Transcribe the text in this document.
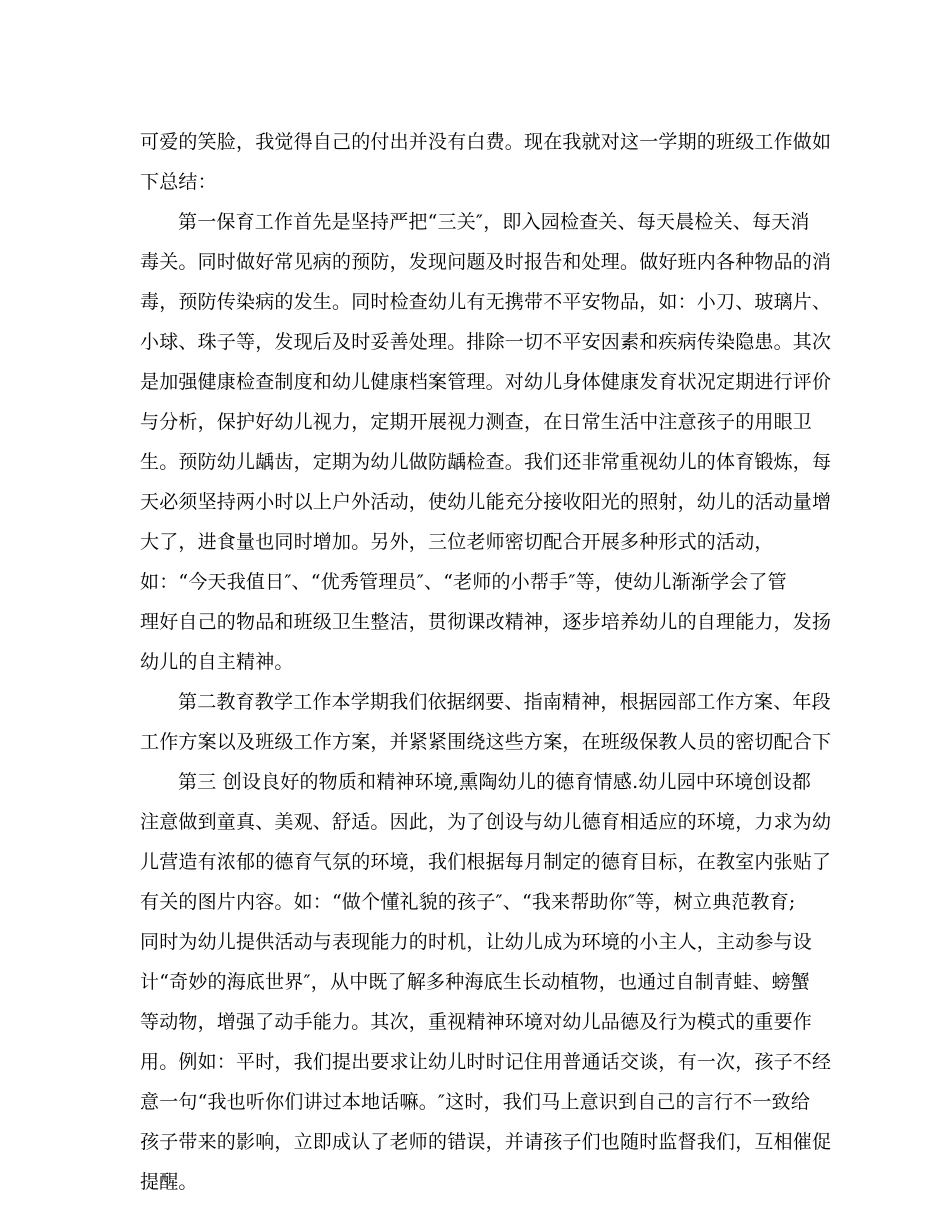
可爱的笑脸，我觉得自己的付出并没有白费。现在我就对这一学期的班级工作做如
下总结：
第一保育工作首先是坚持严把“三关″，即入园检查关、每天晨检关、每天消
毒关。同时做好常见病的预防，发现问题及时报告和处理。做好班内各种物品的消
毒，预防传染病的发生。同时检查幼儿有无携带不平安物品，如：小刀、玻璃片、
小球、珠子等，发现后及时妥善处理。排除一切不平安因素和疾病传染隐患。其次
是加强健康检查制度和幼儿健康档案管理。对幼儿身体健康发育状况定期进行评价
与分析，保护好幼儿视力，定期开展视力测查，在日常生活中注意孩子的用眼卫
生。预防幼儿龋齿，定期为幼儿做防龋检查。我们还非常重视幼儿的体育锻炼，每
天必须坚持两小时以上户外活动，使幼儿能充分接收阳光的照射，幼儿的活动量增
大了，进食量也同时增加。另外，三位老师密切配合开展多种形式的活动，
如：“今天我值日″、“优秀管理员″、“老师的小帮手″等，使幼儿渐渐学会了管
理好自己的物品和班级卫生整洁，贯彻课改精神，逐步培养幼儿的自理能力，发扬
幼儿的自主精神。
第二教育教学工作本学期我们依据纲要、指南精神，根据园部工作方案、年段
工作方案以及班级工作方案，并紧紧围绕这些方案，在班级保教人员的密切配合下
第三 创设良好的物质和精神环境,熏陶幼儿的德育情感.幼儿园中环境创设都
注意做到童真、美观、舒适。因此，为了创设与幼儿德育相适应的环境，力求为幼
儿营造有浓郁的德育气氛的环境，我们根据每月制定的德育目标，在教室内张贴了
有关的图片内容。如：“做个懂礼貌的孩子″、“我来帮助你″等，树立典范教育;
同时为幼儿提供活动与表现能力的时机，让幼儿成为环境的小主人，主动参与设
计“奇妙的海底世界″，从中既了解多种海底生长动植物，也通过自制青蛙、螃蟹
等动物，增强了动手能力。其次，重视精神环境对幼儿品德及行为模式的重要作
用。例如：平时，我们提出要求让幼儿时时记住用普通话交谈，有一次，孩子不经
意一句“我也听你们讲过本地话嘛。″这时，我们马上意识到自己的言行不一致给
孩子带来的影响，立即成认了老师的错误，并请孩子们也随时监督我们，互相催促
提醒。
